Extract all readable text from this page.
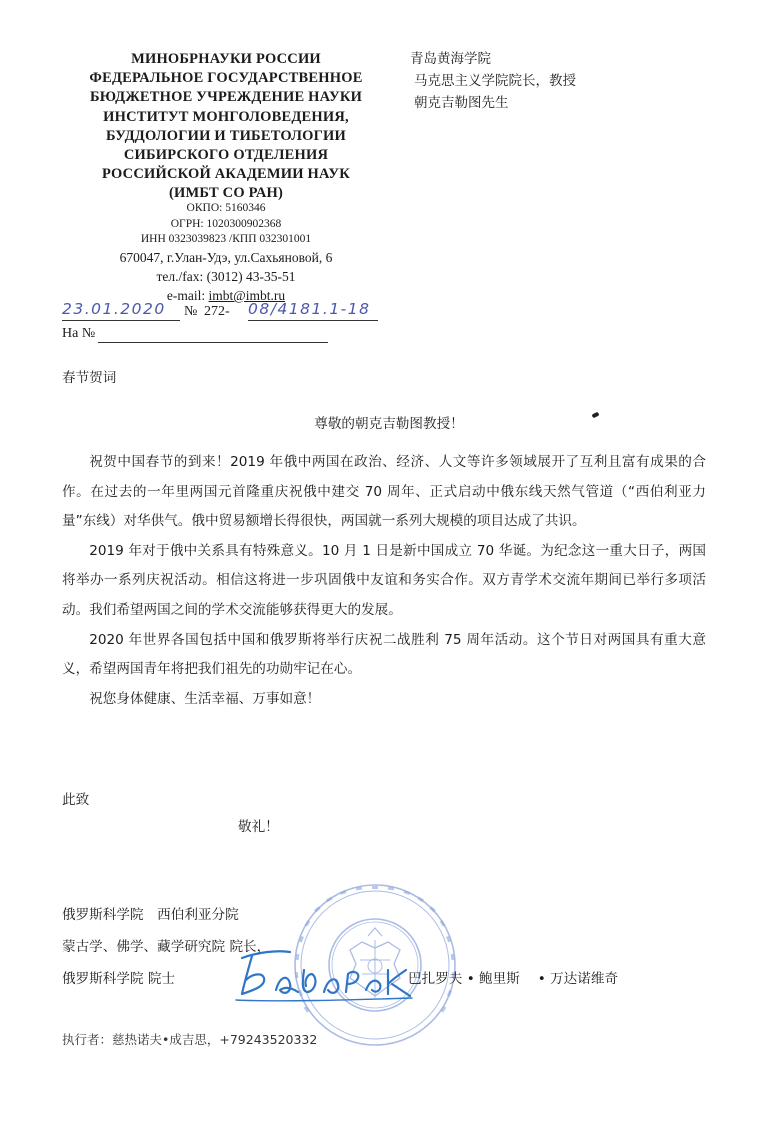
МИНОБРНАУКИ РОССИИ
ФЕДЕРАЛЬНОЕ ГОСУДАРСТВЕННОЕ
БЮДЖЕТНОЕ УЧРЕЖДЕНИЕ НАУКИ
ИНСТИТУТ МОНГОЛОВЕДЕНИЯ,
БУДДОЛОГИИ И ТИБЕТОЛОГИИ
СИБИРСКОГО ОТДЕЛЕНИЯ
РОССИЙСКОЙ АКАДЕМИИ НАУК
(ИМБТ СО РАН)
ОКПО: 5160346
ОГРН: 1020300902368
ИНН 0323039823 /КПП 032301001
670047, г.Улан-Удэ, ул.Сахьяновой, 6
тел./fax: (3012) 43-35-51
e-mail: imbt@imbt.ru
青岛黄海学院
马克思主义学院院长，教授
朝克吉勒图先生
23.01.2020 № 272- 08/4181.1-18
На №
春节贺词
尊敬的朝克吉勒图教授！

祝贺中国春节的到来！2019 年俄中两国在政治、经济、人文等许多领域展开了互利且富有成果的合作。在过去的一年里两国元首隆重庆祝俄中建交 70 周年、正式启动中俄东线天然气管道（“西伯利亚力量”东线）对华供气。俄中贸易额增长得很快，两国就一系列大规模的项目达成了共识。

2019 年对于俄中关系具有特殊意义。10 月 1 日是新中国成立 70 华诞。为纪念这一重大日子，两国将举办一系列庆祝活动。相信这将进一步巩固俄中友谊和务实合作。双方青学术交流年期间已举行多项活动。我们希望两国之间的学术交流能够获得更大的发展。

2020 年世界各国包括中国和俄罗斯将举行庆祝二战胜利 75 周年活动。这个节日对两国具有重大意义，希望两国青年将把我们祖先的功勋牢记在心。

祝您身体健康、生活幸福、万事如意！

此致
敬礼！
俄罗斯科学院　西伯利亚分院
蒙古学、佛学、藏学研究院 院长，
俄罗斯科学院 院士	巴扎罗夫 • 鲍里斯 　• 万达诺维奇
执行者：慈热诺夫•成吉思，+79243520332
